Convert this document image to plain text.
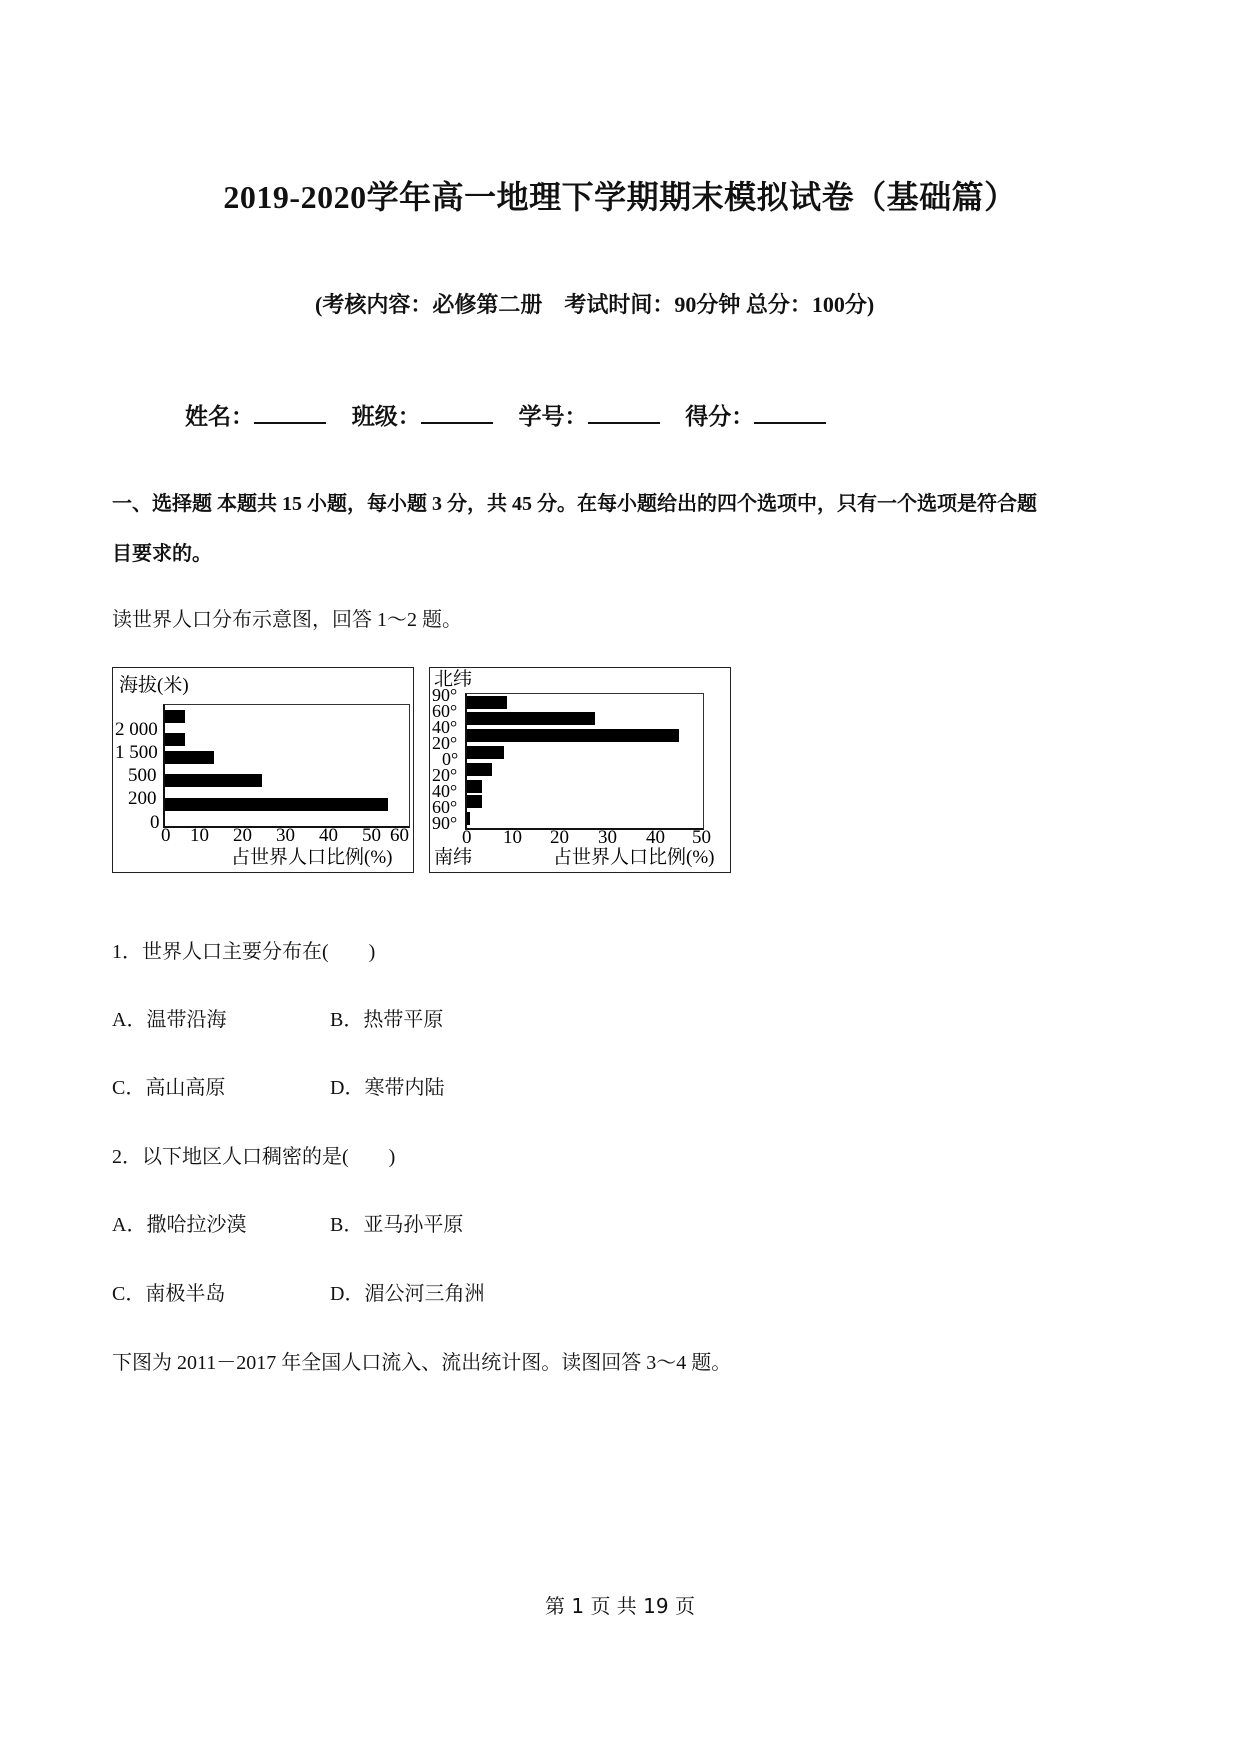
2019-2020学年高一地理下学期期末模拟试卷（基础篇）
(考核内容：必修第二册　考试时间：90分钟 总分：100分)
姓名：	班级：	学号：	得分：
一、选择题 本题共 15 小题，每小题 3 分，共 45 分。在每小题给出的四个选项中，只有一个选项是符合题
目要求的。
读世界人口分布示意图，回答 1～2 题。
海拔(米)
0
200
500
1 500
2 000
0 10 20 30 40 50 60
占世界人口比例(%)
北纬
90°
60°
40°
20°
0°
20°
40°
60°
90°
0 10 20 30 40 50
南纬	占世界人口比例(%)
1．世界人口主要分布在(　　)
A．温带沿海	B．热带平原
C．高山高原	D．寒带内陆
2．以下地区人口稠密的是(　　)
A．撒哈拉沙漠	B．亚马孙平原
C．南极半岛	D．湄公河三角洲
下图为 2011－2017 年全国人口流入、流出统计图。读图回答 3～4 题。
第 1 页 共 19 页
